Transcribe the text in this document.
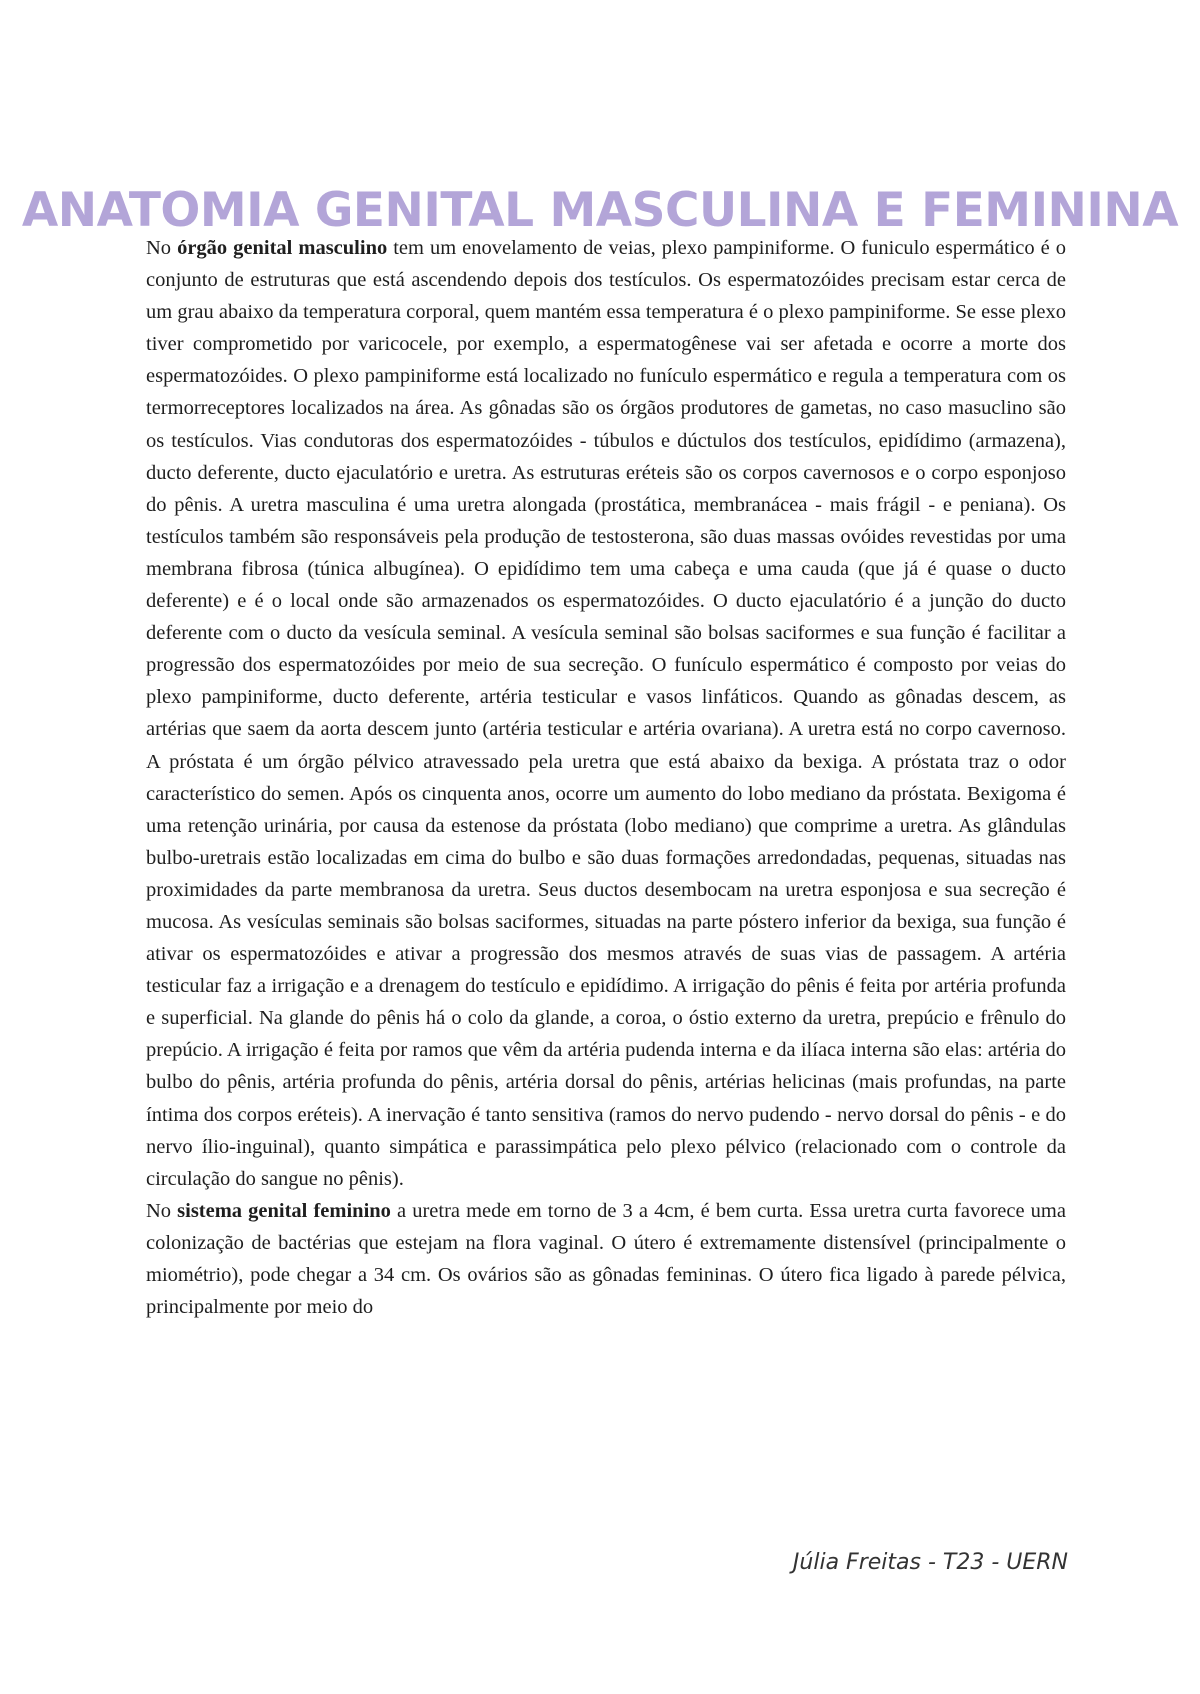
ANATOMIA GENITAL MASCULINA E FEMININA

No órgão genital masculino tem um enovelamento de veias, plexo pampiniforme. O funiculo espermático é o conjunto de estruturas que está ascendendo depois dos testículos. Os espermatozóides precisam estar cerca de um grau abaixo da temperatura corporal, quem mantém essa temperatura é o plexo pampiniforme. Se esse plexo tiver comprometido por varicocele, por exemplo, a espermatogênese vai ser afetada e ocorre a morte dos espermatozóides. O plexo pampiniforme está localizado no funículo espermático e regula a temperatura com os termorreceptores localizados na área. As gônadas são os órgãos produtores de gametas, no caso masuclino são os testículos. Vias condutoras dos espermatozóides - túbulos e dúctulos dos testículos, epidídimo (armazena), ducto deferente, ducto ejaculatório e uretra. As estruturas eréteis são os corpos cavernosos e o corpo esponjoso do pênis. A uretra masculina é uma uretra alongada (prostática, membranácea - mais frágil - e peniana). Os testículos também são responsáveis pela produção de testosterona, são duas massas ovóides revestidas por uma membrana fibrosa (túnica albugínea). O epidídimo tem uma cabeça e uma cauda (que já é quase o ducto deferente) e é o local onde são armazenados os espermatozóides. O ducto ejaculatório é a junção do ducto deferente com o ducto da vesícula seminal. A vesícula seminal são bolsas saciformes e sua função é facilitar a progressão dos espermatozóides por meio de sua secreção. O funículo espermático é composto por veias do plexo pampiniforme, ducto deferente, artéria testicular e vasos linfáticos. Quando as gônadas descem, as artérias que saem da aorta descem junto (artéria testicular e artéria ovariana). A uretra está no corpo cavernoso. A próstata é um órgão pélvico atravessado pela uretra que está abaixo da bexiga. A próstata traz o odor característico do semen. Após os cinquenta anos, ocorre um aumento do lobo mediano da próstata. Bexigoma é uma retenção urinária, por causa da estenose da próstata (lobo mediano) que comprime a uretra. As glândulas bulbo-uretrais estão localizadas em cima do bulbo e são duas formações arredondadas, pequenas, situadas nas proximidades da parte membranosa da uretra. Seus ductos desembocam na uretra esponjosa e sua secreção é mucosa. As vesículas seminais são bolsas saciformes, situadas na parte póstero inferior da bexiga, sua função é ativar os espermatozóides e ativar a progressão dos mesmos através de suas vias de passagem. A artéria testicular faz a irrigação e a drenagem do testículo e epidídimo. A irrigação do pênis é feita por artéria profunda e superficial. Na glande do pênis há o colo da glande, a coroa, o óstio externo da uretra, prepúcio e frênulo do prepúcio. A irrigação é feita por ramos que vêm da artéria pudenda interna e da ilíaca interna são elas: artéria do bulbo do pênis, artéria profunda do pênis, artéria dorsal do pênis, artérias helicinas (mais profundas, na parte íntima dos corpos eréteis). A inervação é tanto sensitiva (ramos do nervo pudendo - nervo dorsal do pênis - e do nervo ílio-inguinal), quanto simpática e parassimpática pelo plexo pélvico (relacionado com o controle da circulação do sangue no pênis).

No sistema genital feminino a uretra mede em torno de 3 a 4cm, é bem curta. Essa uretra curta favorece uma colonização de bactérias que estejam na flora vaginal. O útero é extremamente distensível (principalmente o miométrio), pode chegar a 34 cm. Os ovários são as gônadas femininas. O útero fica ligado à parede pélvica, principalmente por meio do

Júlia Freitas - T23 - UERN
